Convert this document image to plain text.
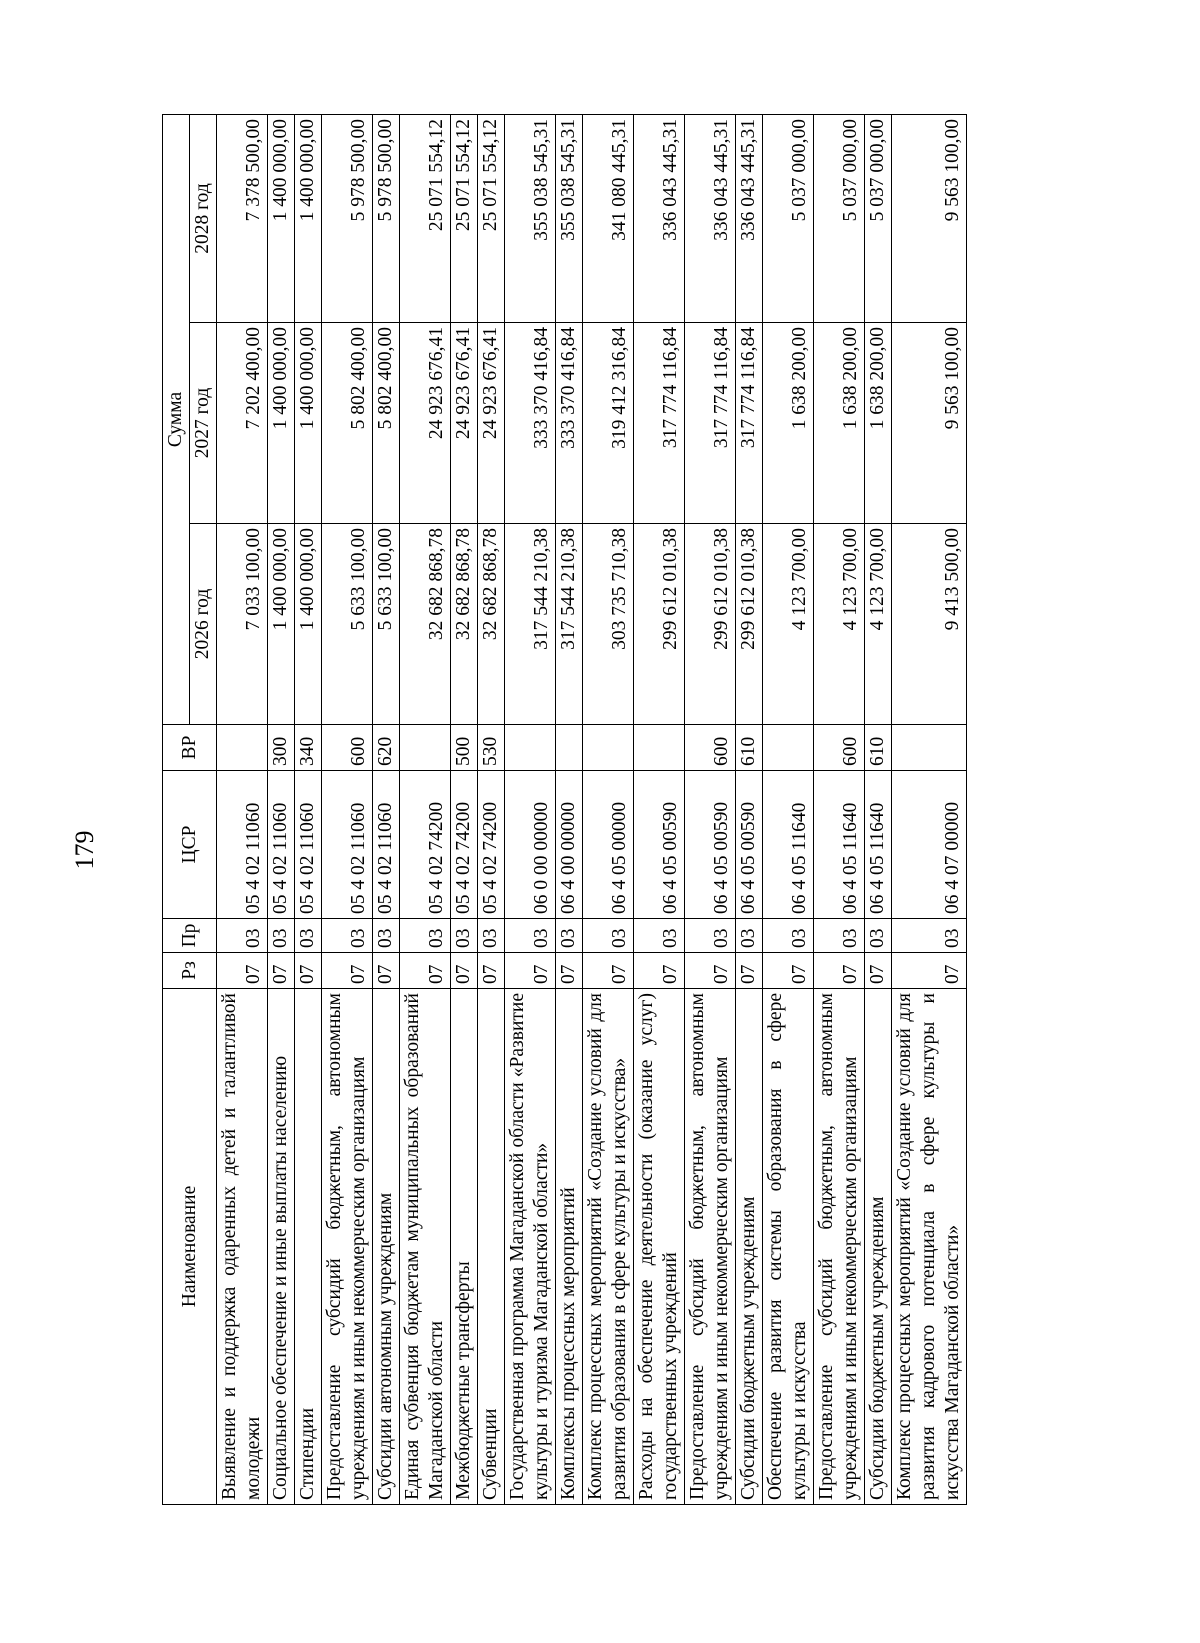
179
Наименование	Рз	Пр	ЦСР	ВР	Сумма		
					2026 год	2027 год	2028 год
Выявление и поддержка одаренных детей и талантливой молодежи	07	03	05 4 02 11060		7 033 100,00	7 202 400,00	7 378 500,00
Социальное обеспечение и иные выплаты населению	07	03	05 4 02 11060	300	1 400 000,00	1 400 000,00	1 400 000,00
Стипендии	07	03	05 4 02 11060	340	1 400 000,00	1 400 000,00	1 400 000,00
Предоставление субсидий бюджетным, автономным учреждениям и иным некоммерческим организациям	07	03	05 4 02 11060	600	5 633 100,00	5 802 400,00	5 978 500,00
Субсидии автономным учреждениям	07	03	05 4 02 11060	620	5 633 100,00	5 802 400,00	5 978 500,00
Единая субвенция бюджетам муниципальных образований Магаданской области	07	03	05 4 02 74200		32 682 868,78	24 923 676,41	25 071 554,12
Межбюджетные трансферты	07	03	05 4 02 74200	500	32 682 868,78	24 923 676,41	25 071 554,12
Субвенции	07	03	05 4 02 74200	530	32 682 868,78	24 923 676,41	25 071 554,12
Государственная программа Магаданской области «Развитие культуры и туризма Магаданской области»	07	03	06 0 00 00000		317 544 210,38	333 370 416,84	355 038 545,31
Комплексы процессных мероприятий	07	03	06 4 00 00000		317 544 210,38	333 370 416,84	355 038 545,31
Комплекс процессных мероприятий «Создание условий для развития образования в сфере культуры и искусства»	07	03	06 4 05 00000		303 735 710,38	319 412 316,84	341 080 445,31
Расходы на обеспечение деятельности (оказание услуг) государственных учреждений	07	03	06 4 05 00590		299 612 010,38	317 774 116,84	336 043 445,31
Предоставление субсидий бюджетным, автономным учреждениям и иным некоммерческим организациям	07	03	06 4 05 00590	600	299 612 010,38	317 774 116,84	336 043 445,31
Субсидии бюджетным учреждениям	07	03	06 4 05 00590	610	299 612 010,38	317 774 116,84	336 043 445,31
Обеспечение развития системы образования в сфере культуры и искусства	07	03	06 4 05 11640		4 123 700,00	1 638 200,00	5 037 000,00
Предоставление субсидий бюджетным, автономным учреждениям и иным некоммерческим организациям	07	03	06 4 05 11640	600	4 123 700,00	1 638 200,00	5 037 000,00
Субсидии бюджетным учреждениям	07	03	06 4 05 11640	610	4 123 700,00	1 638 200,00	5 037 000,00
Комплекс процессных мероприятий «Создание условий для развития кадрового потенциала в сфере культуры и искусства Магаданской области»	07	03	06 4 07 00000		9 413 500,00	9 563 100,00	9 563 100,00
